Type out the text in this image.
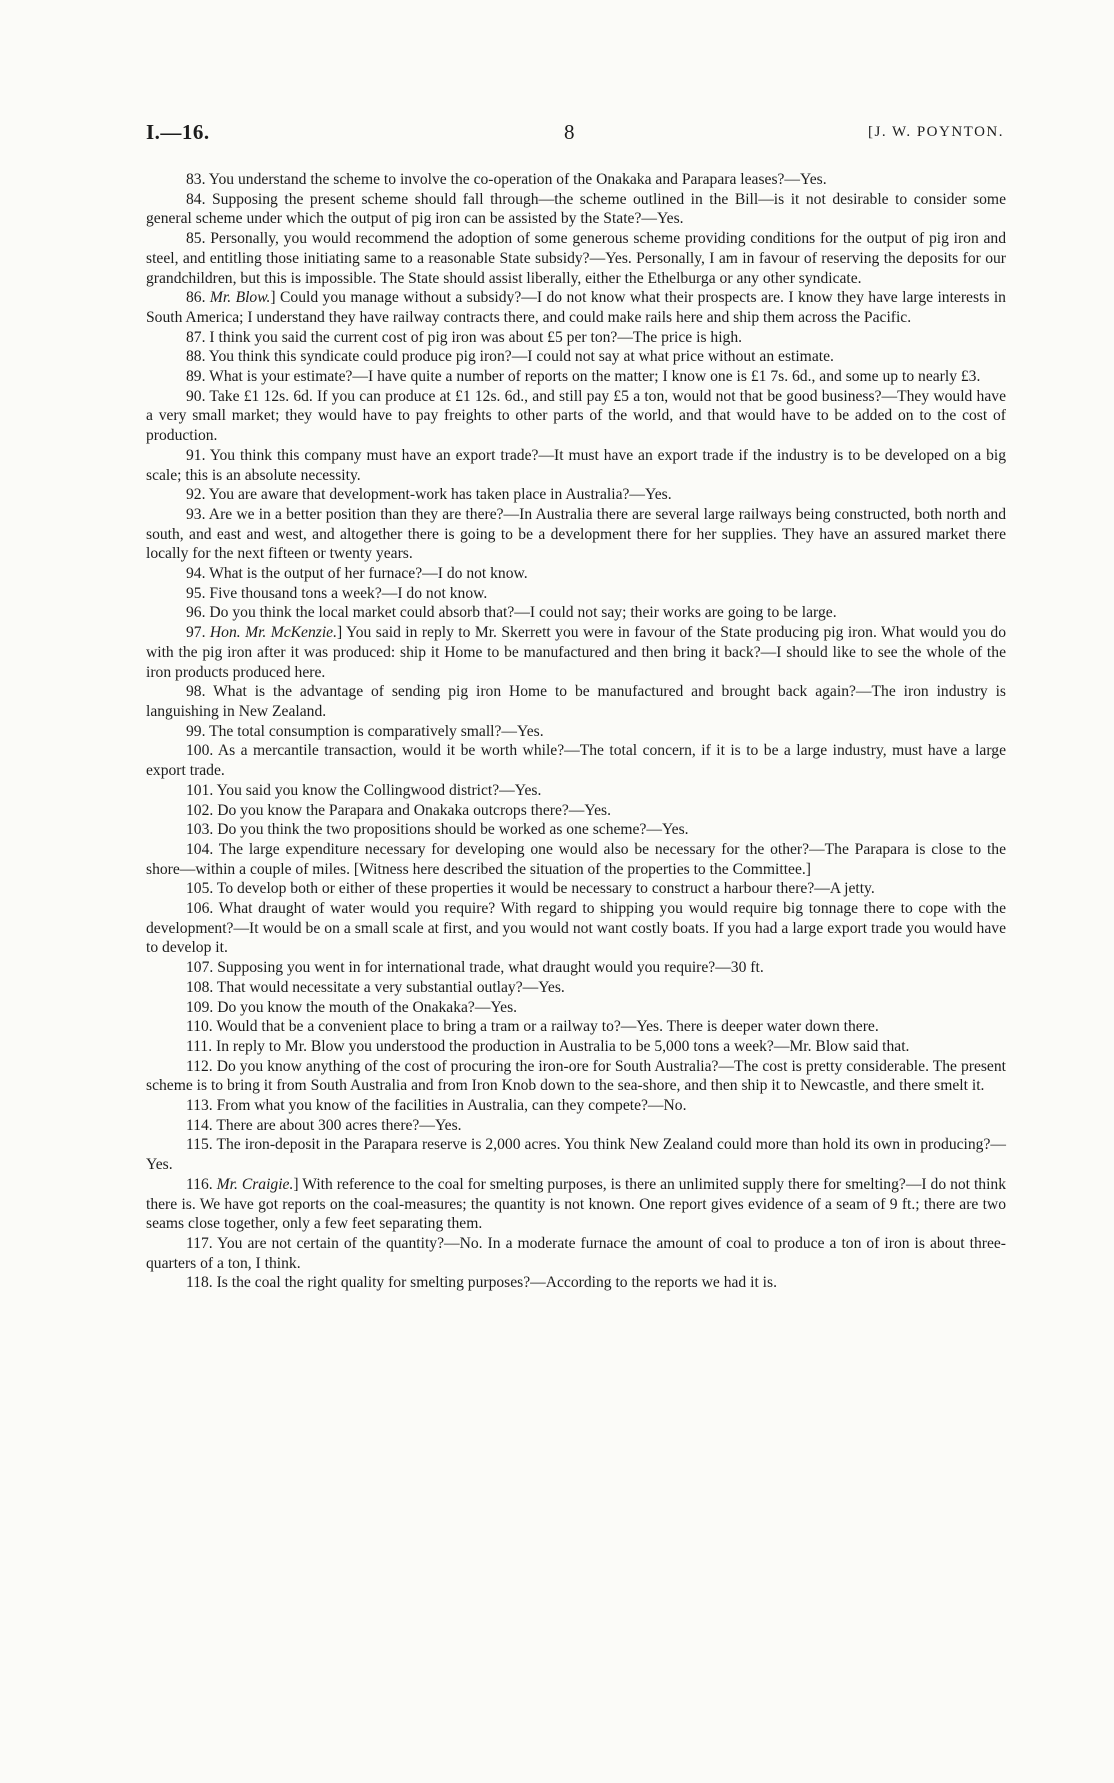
I.—16.	8	[J. W. POYNTON.

83. You understand the scheme to involve the co-operation of the Onakaka and Parapara leases?—Yes.

84. Supposing the present scheme should fall through—the scheme outlined in the Bill—is it not desirable to consider some general scheme under which the output of pig iron can be assisted by the State?—Yes.

85. Personally, you would recommend the adoption of some generous scheme providing conditions for the output of pig iron and steel, and entitling those initiating same to a reasonable State subsidy?—Yes. Personally, I am in favour of reserving the deposits for our grandchildren, but this is impossible. The State should assist liberally, either the Ethelburga or any other syndicate.

86. Mr. Blow.] Could you manage without a subsidy?—I do not know what their prospects are. I know they have large interests in South America; I understand they have railway contracts there, and could make rails here and ship them across the Pacific.

87. I think you said the current cost of pig iron was about £5 per ton?—The price is high.

88. You think this syndicate could produce pig iron?—I could not say at what price without an estimate.

89. What is your estimate?—I have quite a number of reports on the matter; I know one is £1 7s. 6d., and some up to nearly £3.

90. Take £1 12s. 6d. If you can produce at £1 12s. 6d., and still pay £5 a ton, would not that be good business?—They would have a very small market; they would have to pay freights to other parts of the world, and that would have to be added on to the cost of production.

91. You think this company must have an export trade?—It must have an export trade if the industry is to be developed on a big scale; this is an absolute necessity.

92. You are aware that development-work has taken place in Australia?—Yes.

93. Are we in a better position than they are there?—In Australia there are several large railways being constructed, both north and south, and east and west, and altogether there is going to be a development there for her supplies. They have an assured market there locally for the next fifteen or twenty years.

94. What is the output of her furnace?—I do not know.

95. Five thousand tons a week?—I do not know.

96. Do you think the local market could absorb that?—I could not say; their works are going to be large.

97. Hon. Mr. McKenzie.] You said in reply to Mr. Skerrett you were in favour of the State producing pig iron. What would you do with the pig iron after it was produced: ship it Home to be manufactured and then bring it back?—I should like to see the whole of the iron products produced here.

98. What is the advantage of sending pig iron Home to be manufactured and brought back again?—The iron industry is languishing in New Zealand.

99. The total consumption is comparatively small?—Yes.

100. As a mercantile transaction, would it be worth while?—The total concern, if it is to be a large industry, must have a large export trade.

101. You said you know the Collingwood district?—Yes.

102. Do you know the Parapara and Onakaka outcrops there?—Yes.

103. Do you think the two propositions should be worked as one scheme?—Yes.

104. The large expenditure necessary for developing one would also be necessary for the other?—The Parapara is close to the shore—within a couple of miles. [Witness here described the situation of the properties to the Committee.]

105. To develop both or either of these properties it would be necessary to construct a harbour there?—A jetty.

106. What draught of water would you require? With regard to shipping you would require big tonnage there to cope with the development?—It would be on a small scale at first, and you would not want costly boats. If you had a large export trade you would have to develop it.

107. Supposing you went in for international trade, what draught would you require?—30 ft.

108. That would necessitate a very substantial outlay?—Yes.

109. Do you know the mouth of the Onakaka?—Yes.

110. Would that be a convenient place to bring a tram or a railway to?—Yes. There is deeper water down there.

111. In reply to Mr. Blow you understood the production in Australia to be 5,000 tons a week?—Mr. Blow said that.

112. Do you know anything of the cost of procuring the iron-ore for South Australia?—The cost is pretty considerable. The present scheme is to bring it from South Australia and from Iron Knob down to the sea-shore, and then ship it to Newcastle, and there smelt it.

113. From what you know of the facilities in Australia, can they compete?—No.

114. There are about 300 acres there?—Yes.

115. The iron-deposit in the Parapara reserve is 2,000 acres. You think New Zealand could more than hold its own in producing?—Yes.

116. Mr. Craigie.] With reference to the coal for smelting purposes, is there an unlimited supply there for smelting?—I do not think there is. We have got reports on the coal-measures; the quantity is not known. One report gives evidence of a seam of 9 ft.; there are two seams close together, only a few feet separating them.

117. You are not certain of the quantity?—No. In a moderate furnace the amount of coal to produce a ton of iron is about three-quarters of a ton, I think.

118. Is the coal the right quality for smelting purposes?—According to the reports we had it is.
